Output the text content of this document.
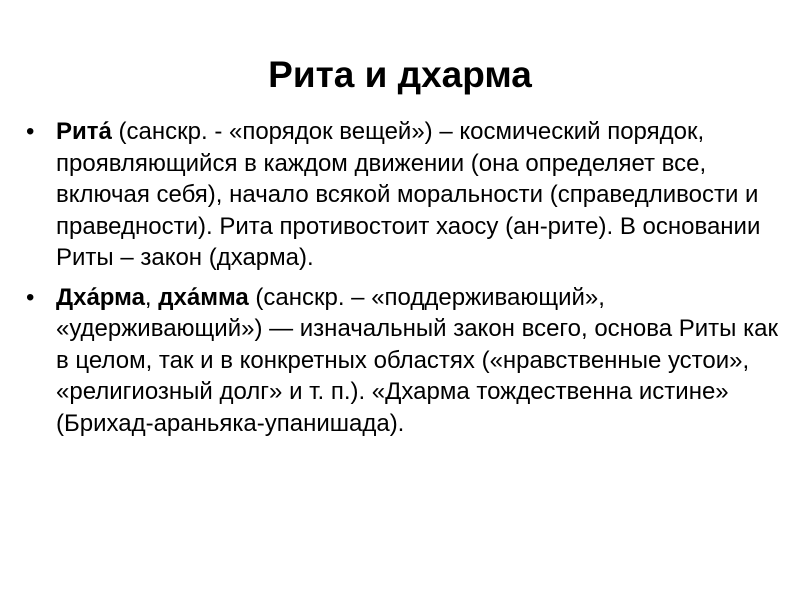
Рита и дхарма
• Рита́ (санскр. - «порядок вещей») – космический порядок, проявляющийся в каждом движении (она определяет все, включая себя), начало всякой моральности (справедливости и праведности). Рита противостоит хаосу (ан-рите). В основании Риты – закон (дхарма).
• Дха́рма, дха́мма (санскр. – «поддерживающий», «удерживающий») — изначальный закон всего, основа Риты как в целом, так и в конкретных областях («нравственные устои», «религиозный долг» и т. п.). «Дхарма тождественна истине» (Брихад-араньяка-упанишада).
